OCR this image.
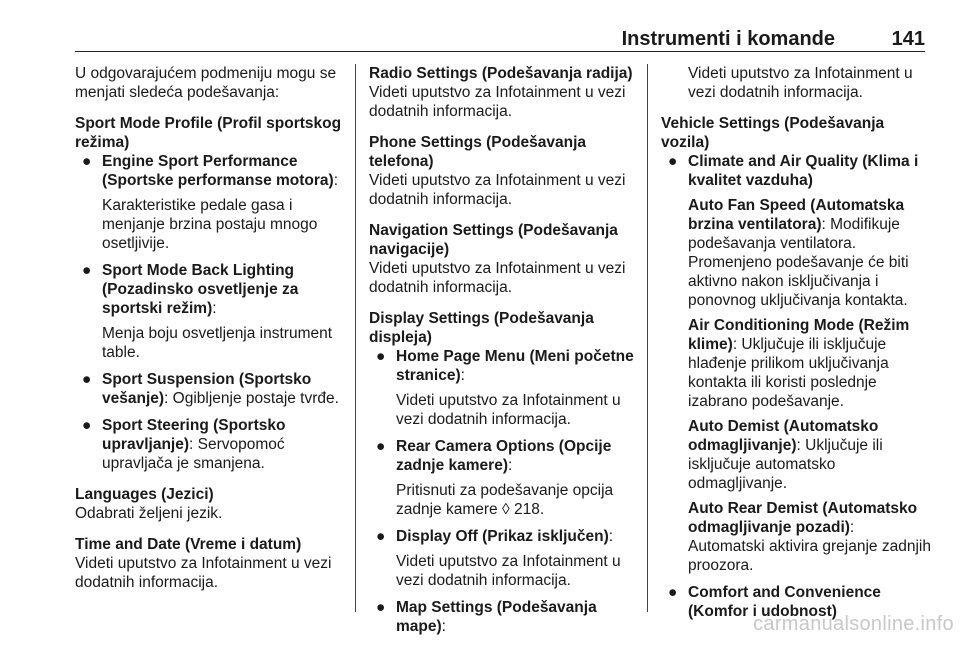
Instrumenti i komande	141

U odgovarajućem podmeniju mogu se menjati sledeća podešavanja:

Sport Mode Profile (Profil sportskog režima)
● Engine Sport Performance (Sportske performanse motora):

Karakteristike pedale gasa i menjanje brzina postaju mnogo osetljivije.

● Sport Mode Back Lighting (Pozadinsko osvetljenje za sportski režim):

Menja boju osvetljenja instrument table.

● Sport Suspension (Sportsko vešanje): Ogibljenje postaje tvrđe.

● Sport Steering (Sportsko upravljanje): Servopomoć upravljača je smanjena.

Languages (Jezici)

Odabrati željeni jezik.

Time and Date (Vreme i datum)

Videti uputstvo za Infotainment u vezi dodatnih informacija.

Radio Settings (Podešavanja radija)

Videti uputstvo za Infotainment u vezi dodatnih informacija.

Phone Settings (Podešavanja telefona)

Videti uputstvo za Infotainment u vezi dodatnih informacija.

Navigation Settings (Podešavanja navigacije)

Videti uputstvo za Infotainment u vezi dodatnih informacija.

Display Settings (Podešavanja displeja)
● Home Page Menu (Meni početne stranice):

Videti uputstvo za Infotainment u vezi dodatnih informacija.

● Rear Camera Options (Opcije zadnje kamere):

Pritisnuti za podešavanje opcija zadnje kamere ◊ 218.

● Display Off (Prikaz isključen):

Videti uputstvo za Infotainment u vezi dodatnih informacija.

● Map Settings (Podešavanja mape):

Videti uputstvo za Infotainment u vezi dodatnih informacija.

Vehicle Settings (Podešavanja vozila)
● Climate and Air Quality (Klima i kvalitet vazduha)

Auto Fan Speed (Automatska brzina ventilatora): Modifikuje podešavanja ventilatora.
Promenjeno podešavanje će biti aktivno nakon isključivanja i ponovnog uključivanja kontakta.

Air Conditioning Mode (Režim klime): Uključuje ili isključuje hlađenje prilikom uključivanja kontakta ili koristi poslednje izabrano podešavanje.

Auto Demist (Automatsko odmagljivanje): Uključuje ili isključuje automatsko odmagljivanje.

Auto Rear Demist (Automatsko odmagljivanje pozadi):
Automatski aktivira grejanje zadnjih proozora.

● Comfort and Convenience (Komfor i udobnost)

carmanualsonline.info
